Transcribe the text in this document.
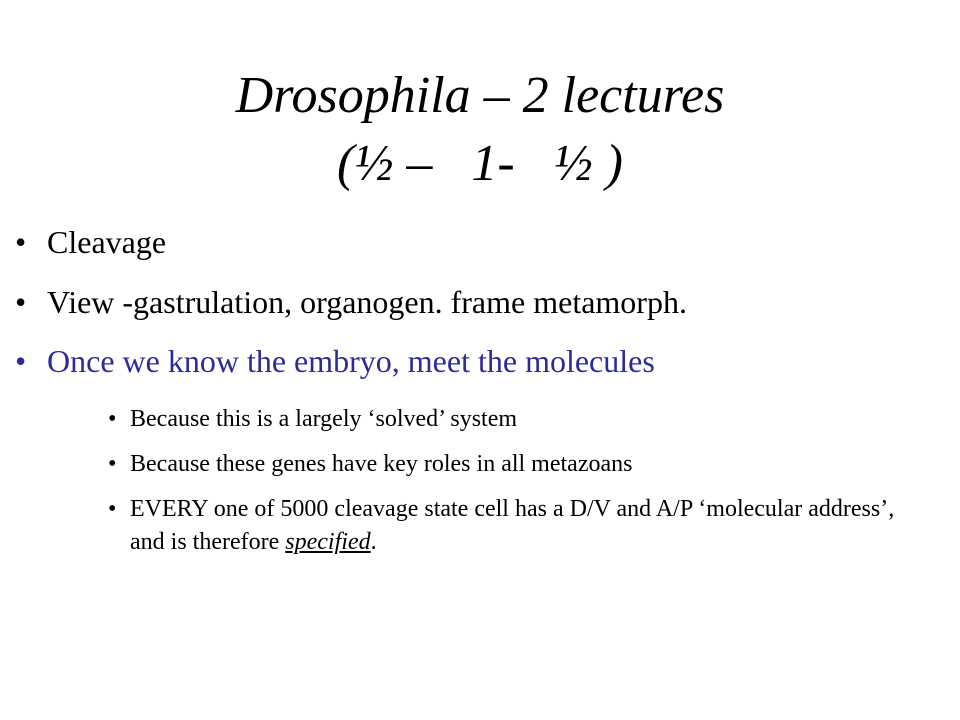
Drosophila – 2 lectures
(½ –   1-   ½ )
• Cleavage
• View -gastrulation, organogen. frame metamorph.
• Once we know the embryo, meet the molecules
• Because this is a largely ‘solved’ system
• Because these genes have key roles in all metazoans
• EVERY one of 5000 cleavage state cell has a D/V and A/P ‘molecular address’, and is therefore specified.
